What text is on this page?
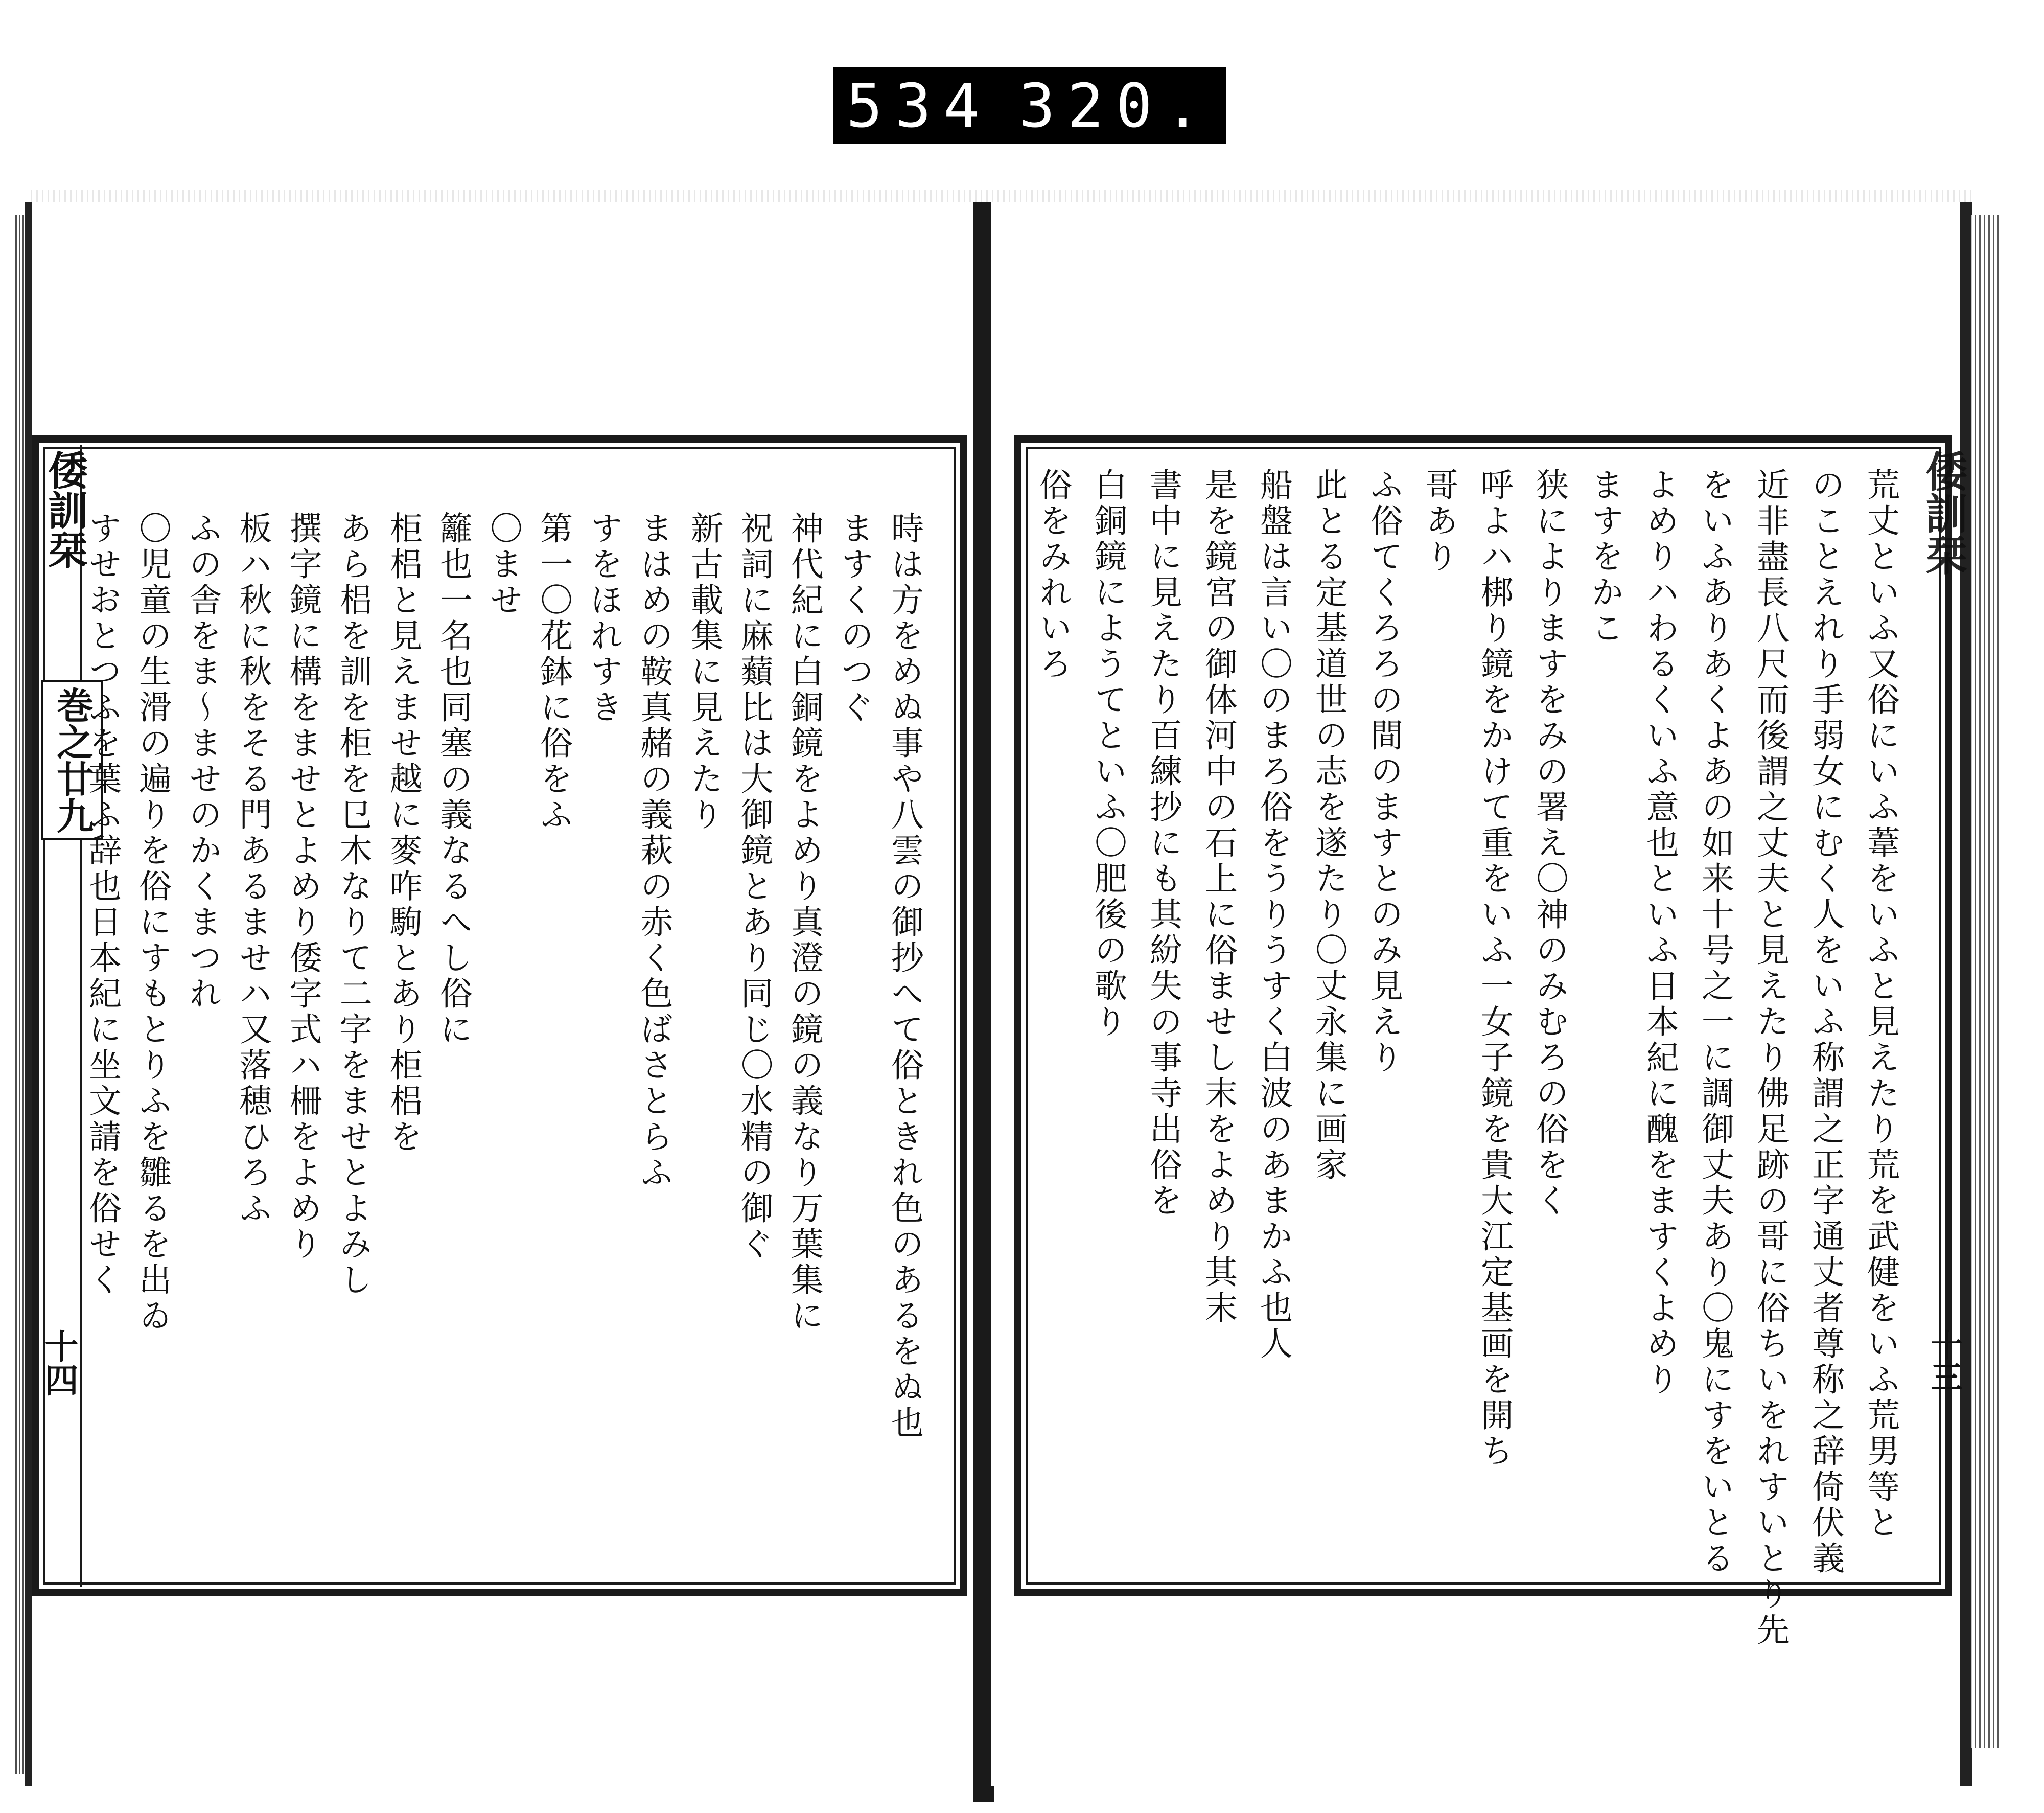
534 320.
倭訓栞
巻之廿九
十四	時は方をめぬ事や八雲の御抄へて俗ときれ色のあるをぬ也
ますくのつぐ
神代紀に白銅鏡をよめり真澄の鏡の義なり万葉集に
祝詞に麻蘱比は大御鏡とあり同じ〇水精の御ぐ
新古載集に見えたり
まはめの鞍真赭の義萩の赤く色ばさとらふ
すをほれすき
第一〇花鉢に俗をふ
〇ませ
籬也一名也同塞の義なるへし俗に
柜梠と見えませ越に麥咋駒とあり柜梠を
あら梠を訓を柜を㔾木なりて二字をませとよみし
撰字鏡に構をませとよめり倭字式ハ柵をよめり
板ハ秋に秋をそる門あるませハ又落穂ひろふ
ふの舎をま〜ませのかくまつれ
〇児童の生滑の遍りを俗にすもとりふを雛るを出ゐ
すせおとつふを葉ふ辞也日本紀に坐文請を俗せく	倭訓栞
十三
荒丈といふ又俗にいふ葦をいふと見えたり荒を武健をいふ荒男等と
のことえれり手弱女にむく人をいふ称謂之正字通丈者尊称之辞倚伏義
近非盡長八尺而後謂之丈夫と見えたり佛足跡の哥に俗ちいをれすいとり先
をいふありあくよあの如来十号之一に調御丈夫あり〇鬼にすをいとる
よめりハわるくいふ意也といふ日本紀に醜をますくよめり
ますをかこ
狭によりますをみの署え〇神のみむろの俗をく
呼よハ梆り鏡をかけて重をいふ一女子鏡を貴大江定基画を開ち
哥あり
ふ俗てくろろの間のますとのみ見えり
此とる定基道世の志を遂たり〇丈永集に画家
船盤は言い〇のまろ俗をうりうすく白波のあまかふ也人
是を鏡宮の御体河中の石上に俗ませし末をよめり其末
書中に見えたり百練抄にも其紛失の事寺出俗を
白銅鏡にようてといふ〇肥後の歌り
俗をみれいろ
